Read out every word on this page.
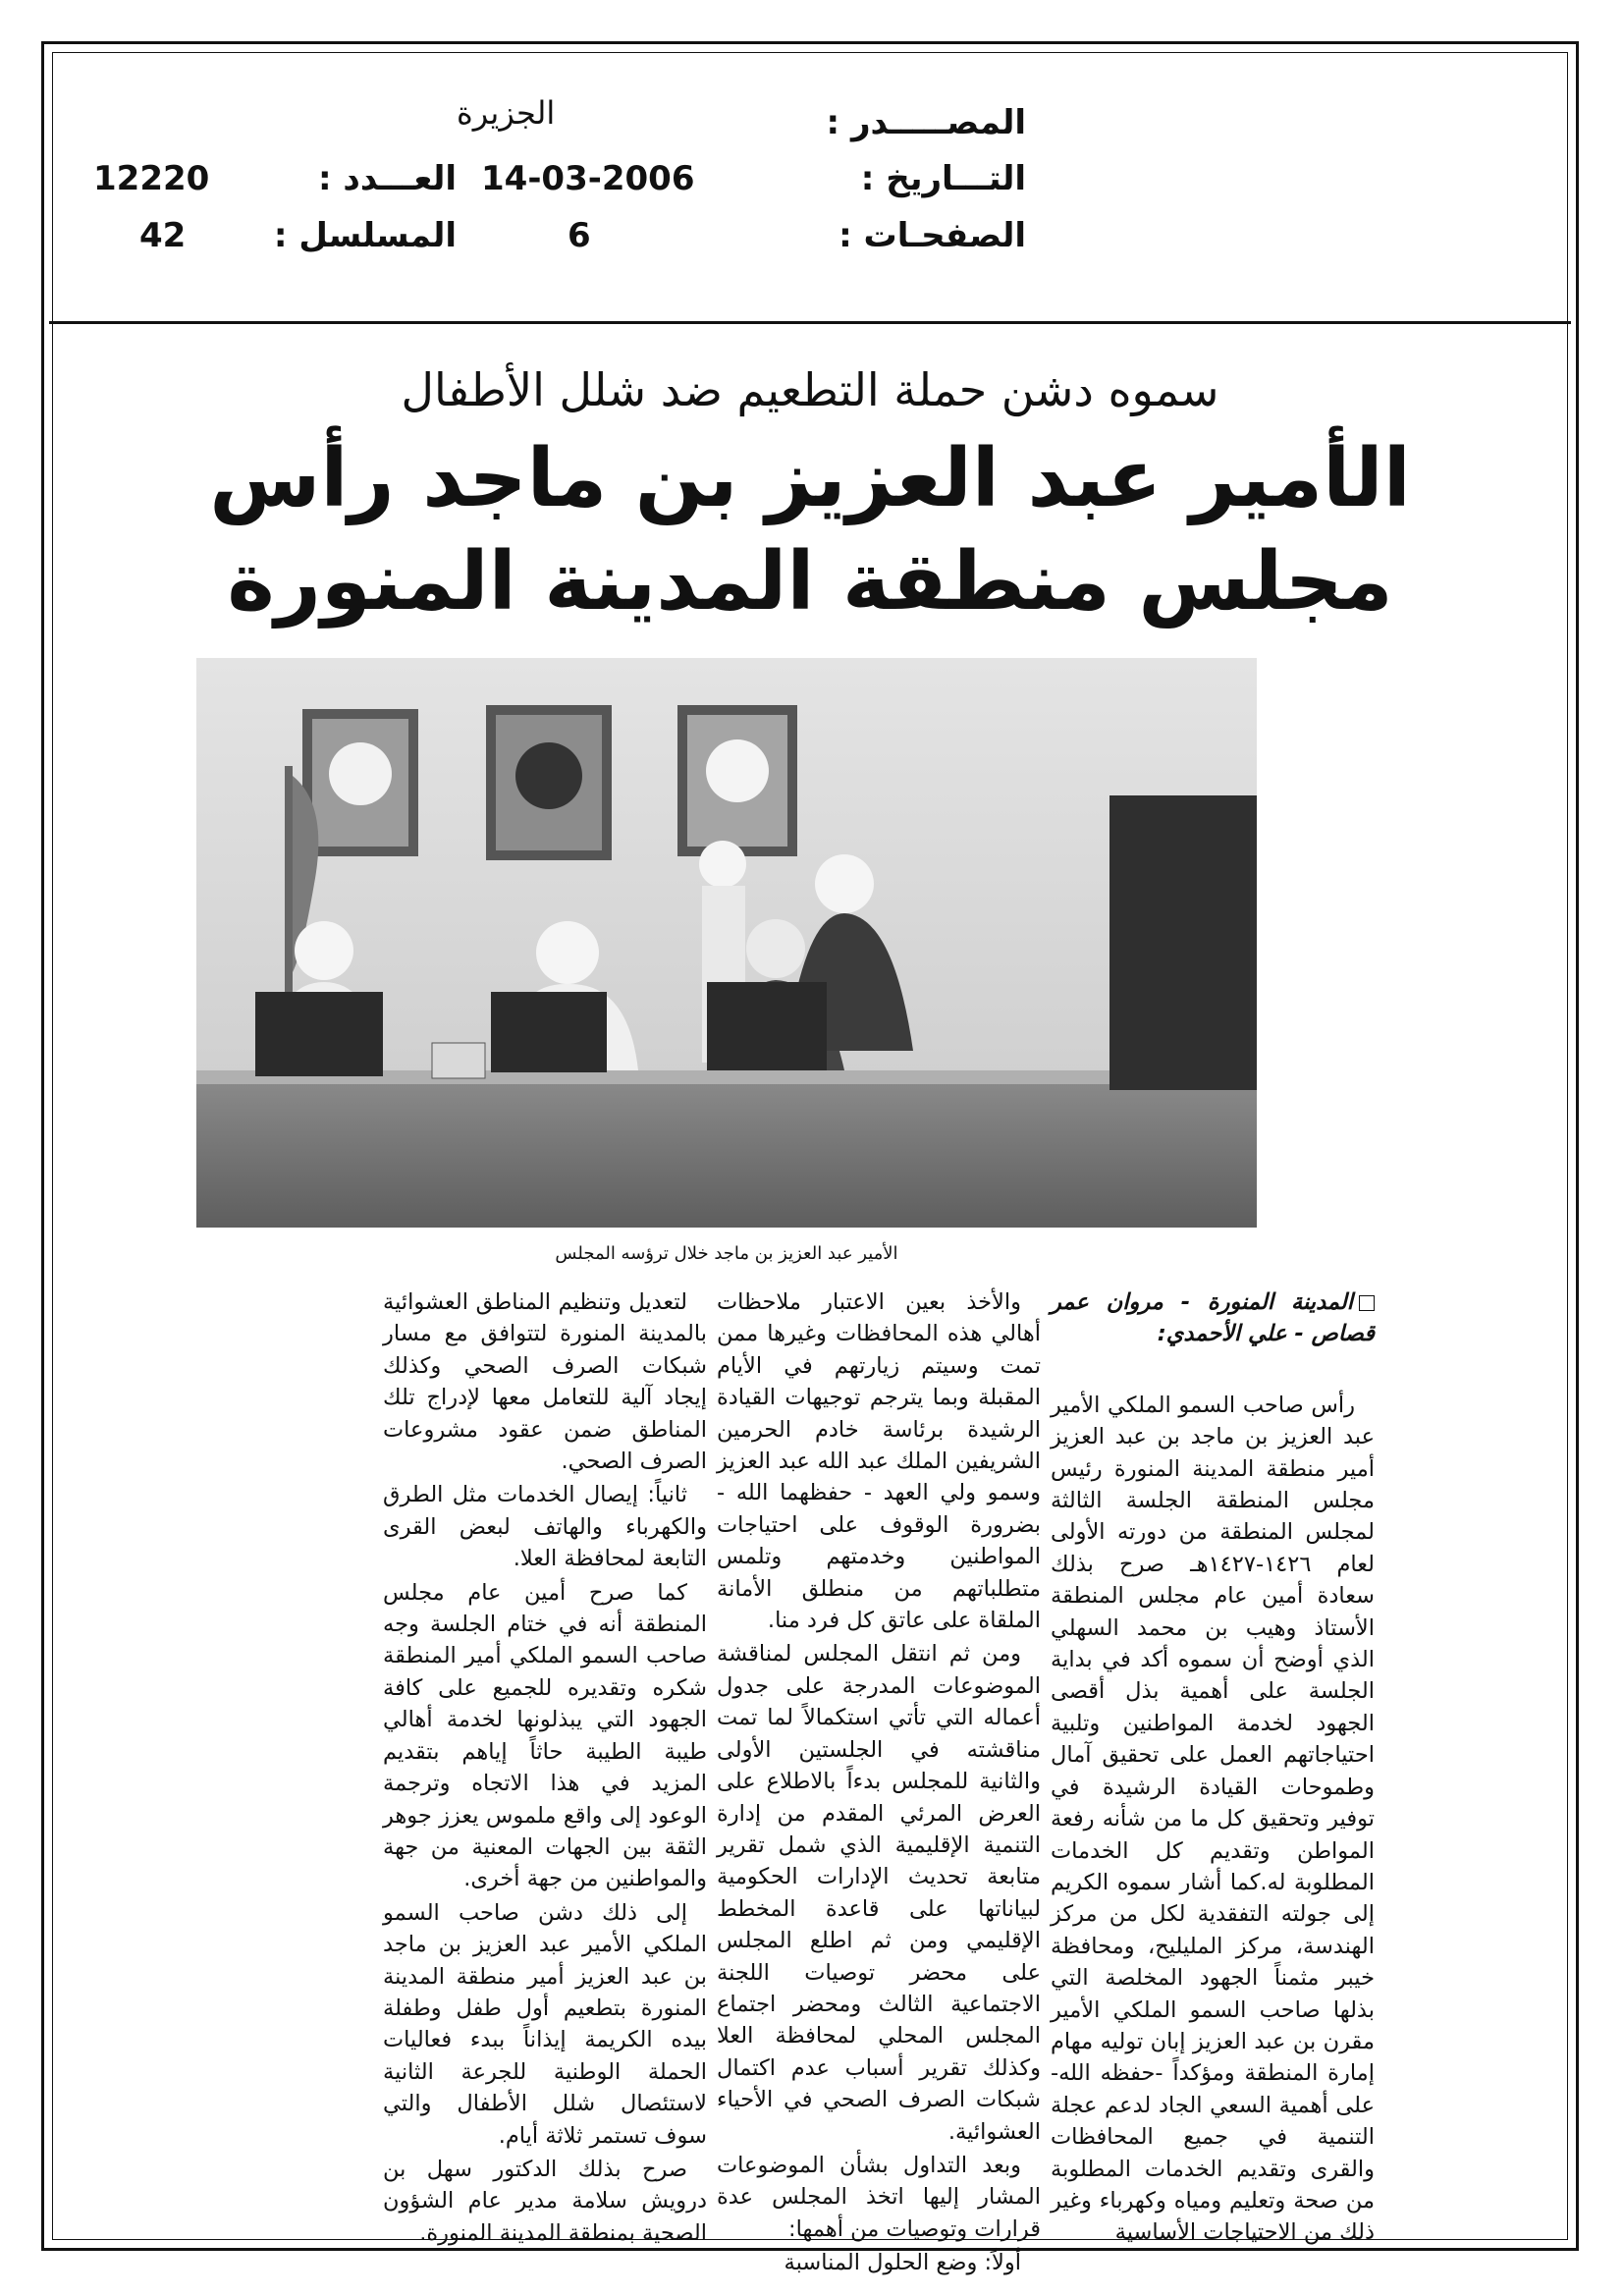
المصـــــدر :
الجزيرة
التـــاريخ :
14-03-2006
العـــدد :
12220
الصفحـات :
6
المسلسل :
42
سموه دشن حملة التطعيم ضد شلل الأطفال
الأمير عبد العزيز بن ماجد رأس
مجلس منطقة المدينة المنورة
الأمير عبد العزيز بن ماجد خلال ترؤسه المجلس

المدينة المنورة - مروان عمر قصاص - علي الأحمدي:

رأس صاحب السمو الملكي الأمير عبد العزيز بن ماجد بن عبد العزيز أمير منطقة المدينة المنورة رئيس مجلس المنطقة الجلسة الثالثة لمجلس المنطقة من دورته الأولى لعام ١٤٢٦-١٤٢٧هـ صرح بذلك سعادة أمين عام مجلس المنطقة الأستاذ وهيب بن محمد السهلي الذي أوضح أن سموه أكد في بداية الجلسة على أهمية بذل أقصى الجهود لخدمة المواطنين وتلبية احتياجاتهم العمل على تحقيق آمال وطموحات القيادة الرشيدة في توفير وتحقيق كل ما من شأنه رفعة المواطن وتقديم كل الخدمات المطلوبة له.كما أشار سموه الكريم إلى جولته التفقدية لكل من مركز الهندسة، مركز المليليح، ومحافظة خيبر مثمناً الجهود المخلصة التي بذلها صاحب السمو الملكي الأمير مقرن بن عبد العزيز إبان توليه مهام إمارة المنطقة ومؤكداً -حفظه الله- على أهمية السعي الجاد لدعم عجلة التنمية في جميع المحافظات والقرى وتقديم الخدمات المطلوبة من صحة وتعليم ومياه وكهرباء وغير ذلك من الاحتياجات الأساسية

والأخذ بعين الاعتبار ملاحظات أهالي هذه المحافظات وغيرها ممن تمت وسيتم زيارتهم في الأيام المقبلة وبما يترجم توجيهات القيادة الرشيدة برئاسة خادم الحرمين الشريفين الملك عبد الله عبد العزيز وسمو ولي العهد - حفظهما الله - بضرورة الوقوف على احتياجات المواطنين وخدمتهم وتلمس متطلباتهم من منطلق الأمانة الملقاة على عاتق كل فرد منا.

ومن ثم انتقل المجلس لمناقشة الموضوعات المدرجة على جدول أعماله التي تأتي استكمالاً لما تمت مناقشته في الجلستين الأولى والثانية للمجلس بدءاً بالاطلاع على العرض المرئي المقدم من إدارة التنمية الإقليمية الذي شمل تقرير متابعة تحديث الإدارات الحكومية لبياناتها على قاعدة المخطط الإقليمي ومن ثم اطلع المجلس على محضر توصيات اللجنة الاجتماعية الثالث ومحضر اجتماع المجلس المحلي لمحافظة العلا وكذلك تقرير أسباب عدم اكتمال شبكات الصرف الصحي في الأحياء العشوائية.

وبعد التداول بشأن الموضوعات المشار إليها اتخذ المجلس عدة قرارات وتوصيات من أهمها:

أولاً: وضع الحلول المناسبة

لتعديل وتنظيم المناطق العشوائية بالمدينة المنورة لتتوافق مع مسار شبكات الصرف الصحي وكذلك إيجاد آلية للتعامل معها لإدراج تلك المناطق ضمن عقود مشروعات الصرف الصحي.

ثانياً: إيصال الخدمات مثل الطرق والكهرباء والهاتف لبعض القرى التابعة لمحافظة العلا.

كما صرح أمين عام مجلس المنطقة أنه في ختام الجلسة وجه صاحب السمو الملكي أمير المنطقة شكره وتقديره للجميع على كافة الجهود التي يبذلونها لخدمة أهالي طيبة الطيبة حاثاً إياهم بتقديم المزيد في هذا الاتجاه وترجمة الوعود إلى واقع ملموس يعزز جوهر الثقة بين الجهات المعنية من جهة والمواطنين من جهة أخرى.

إلى ذلك دشن صاحب السمو الملكي الأمير عبد العزيز بن ماجد بن عبد العزيز أمير منطقة المدينة المنورة بتطعيم أول طفل وطفلة بيده الكريمة إيذاناً ببدء فعاليات الحملة الوطنية للجرعة الثانية لاستئصال شلل الأطفال والتي سوف تستمر ثلاثة أيام.

صرح بذلك الدكتور سهل بن درويش سلامة مدير عام الشؤون الصحية بمنطقة المدينة المنورة.
